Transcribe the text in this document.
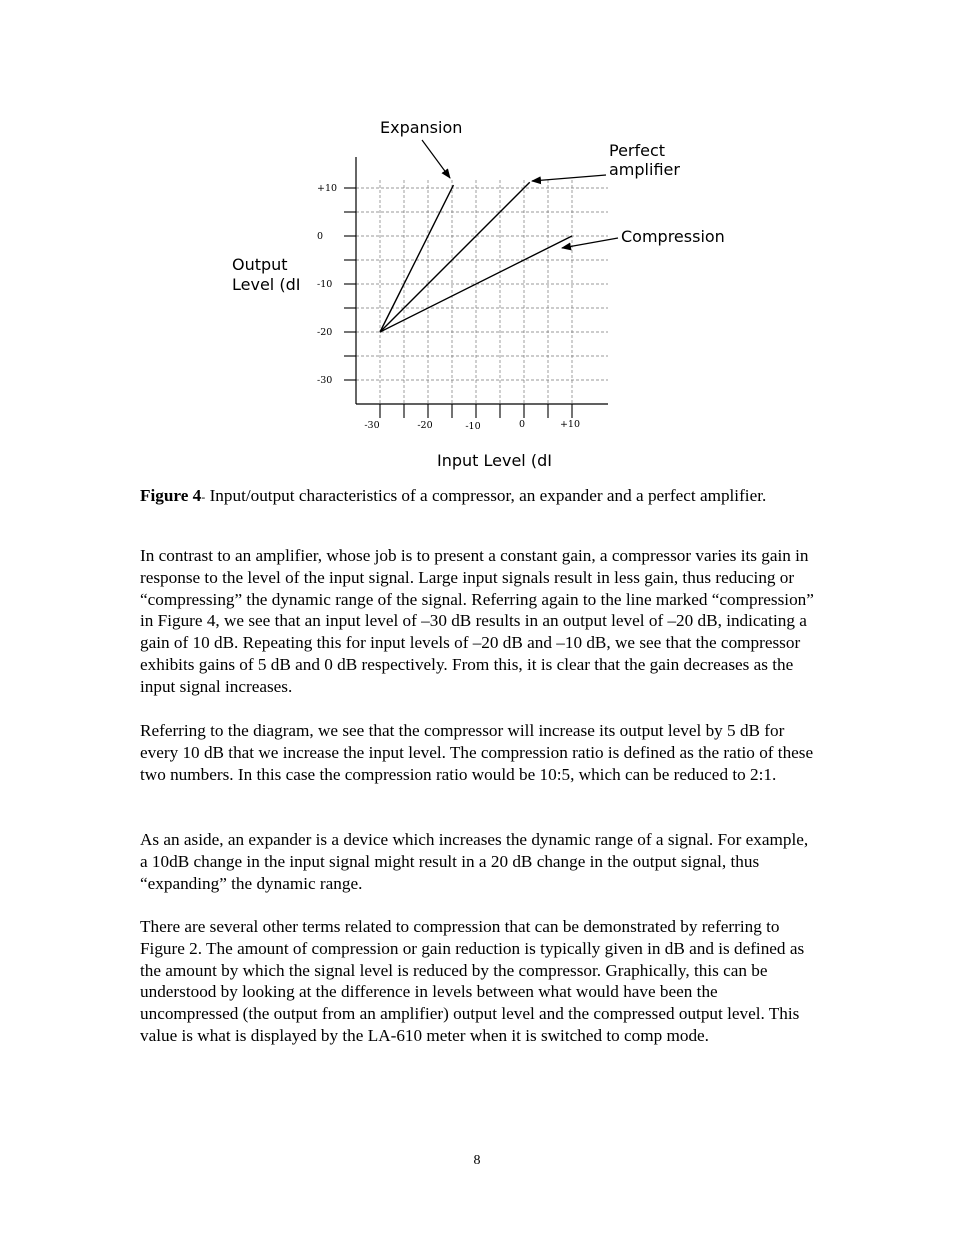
+10
0
-10
-20
-30
-30	-20	-10	0	+10
Expansion
Perfect
amplifier
Compression
Output
Level (dI
Input Level (dI

Figure 4- Input/output characteristics of a compressor, an expander and a perfect amplifier.

In contrast to an amplifier, whose job is to present a constant gain, a compressor varies its gain in response to the level of the input signal. Large input signals result in less gain, thus reducing or “compressing” the dynamic range of the signal. Referring again to the line marked “compression” in Figure 4, we see that an input level of –30 dB results in an output level of –20 dB, indicating a gain of 10 dB. Repeating this for input levels of –20 dB and –10 dB, we see that the compressor exhibits gains of 5 dB and 0 dB respectively. From this, it is clear that the gain decreases as the input signal increases.

Referring to the diagram, we see that the compressor will increase its output level by 5 dB for every 10 dB that we increase the input level. The compression ratio is defined as the ratio of these two numbers. In this case the compression ratio would be 10:5, which can be reduced to 2:1.

As an aside, an expander is a device which increases the dynamic range of a signal. For example, a 10dB change in the input signal might result in a 20 dB change in the output signal, thus “expanding” the dynamic range.

There are several other terms related to compression that can be demonstrated by referring to Figure 2. The amount of compression or gain reduction is typically given in dB and is defined as the amount by which the signal level is reduced by the compressor. Graphically, this can be understood by looking at the difference in levels between what would have been the uncompressed (the output from an amplifier) output level and the compressed output level. This value is what is displayed by the LA-610 meter when it is switched to comp mode.

8
